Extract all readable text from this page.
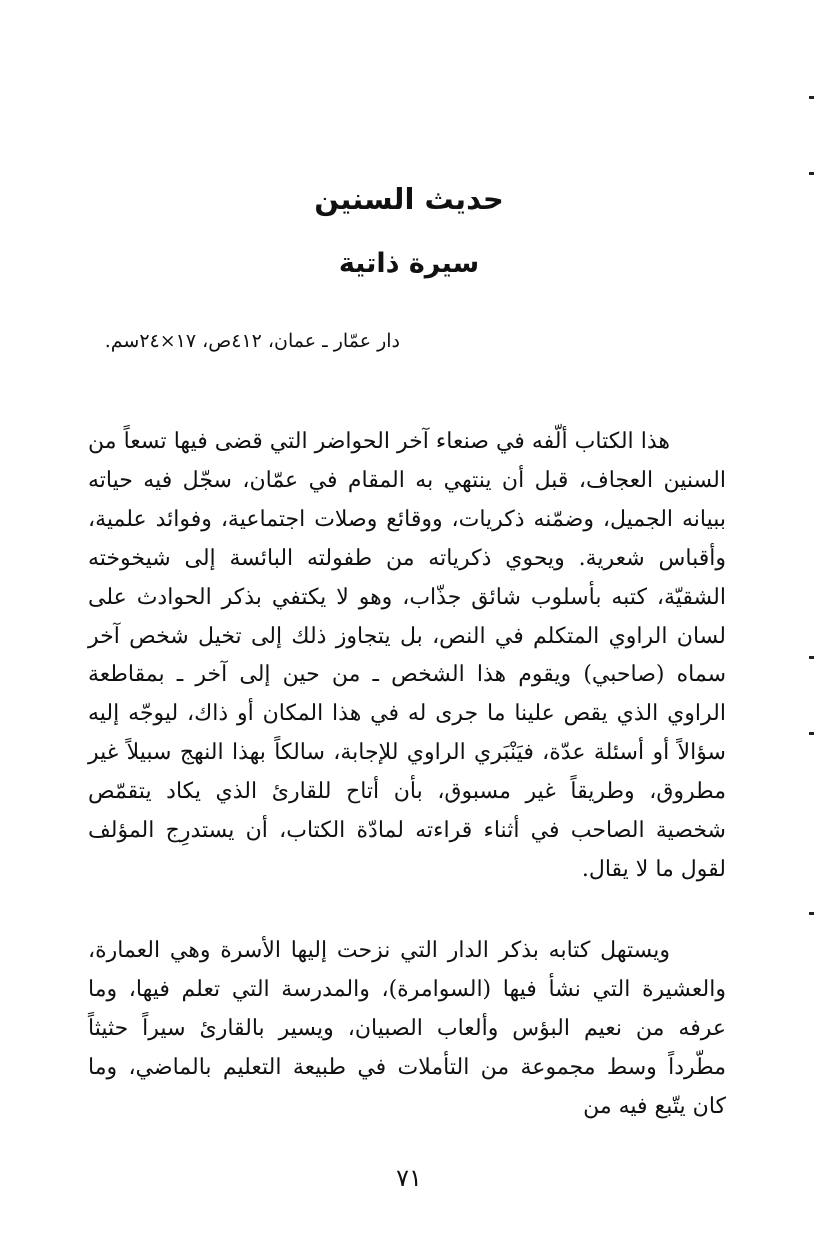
حديث السنين
سيرة ذاتية

دار عمّار ـ عمان، ٤١٢ص، ١٧×٢٤سم.

هذا الكتاب ألّفه في صنعاء آخر الحواضر التي قضى فيها تسعاً من السنين العجاف، قبل أن ينتهي به المقام في عمّان، سجّل فيه حياته ببيانه الجميل، وضمّنه ذكريات، ووقائع وصلات اجتماعية، وفوائد علمية، وأقباس شعرية. ويحوي ذكرياته من طفولته البائسة إلى شيخوخته الشقيّة، كتبه بأسلوب شائق جذّاب، وهو لا يكتفي بذكر الحوادث على لسان الراوي المتكلم في النص، بل يتجاوز ذلك إلى تخيل شخص آخر سماه (صاحبي) ويقوم هذا الشخص ـ من حين إلى آخر ـ بمقاطعة الراوي الذي يقص علينا ما جرى له في هذا المكان أو ذاك، ليوجّه إليه سؤالاً أو أسئلة عدّة، فيَنْبَري الراوي للإجابة، سالكاً بهذا النهج سبيلاً غير مطروق، وطريقاً غير مسبوق، بأن أتاح للقارئ الذي يكاد يتقمّص شخصية الصاحب في أثناء قراءته لمادّة الكتاب، أن يستدرِج المؤلف لقول ما لا يقال.

ويستهل كتابه بذكر الدار التي نزحت إليها الأسرة وهي العمارة، والعشيرة التي نشأ فيها (السوامرة)، والمدرسة التي تعلم فيها، وما عرفه من نعيم البؤس وألعاب الصبيان، ويسير بالقارئ سيراً حثيثاً مطّرداً وسط مجموعة من التأملات في طبيعة التعليم بالماضي، وما كان يتّبع فيه من

٧١
